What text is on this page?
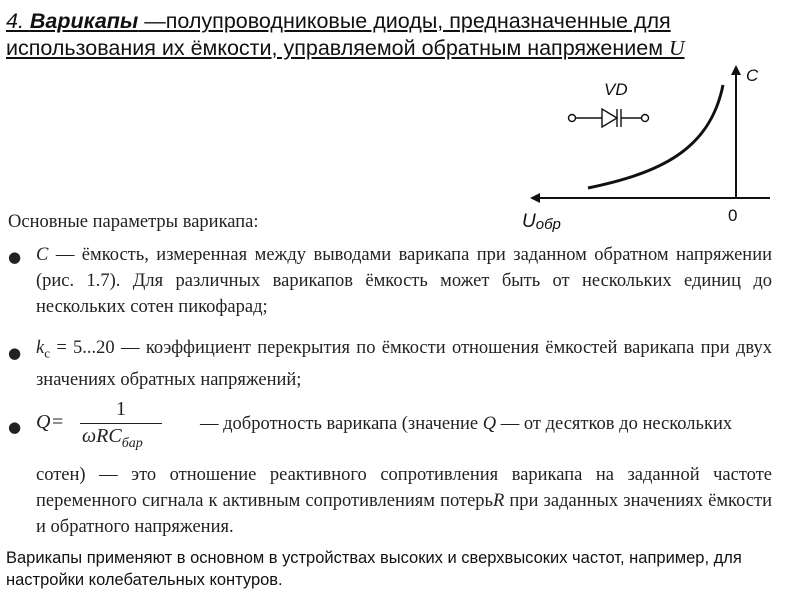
4. Варикапы —полупроводниковые диоды, предназначенные для использования их ёмкости, управляемой обратным напряжением U
VD
C
Uобр	0
Основные параметры варикапа:
● C — ёмкость, измеренная между выводами варикапа при заданном обратном напряжении (рис. 1.7). Для различных варикапов ёмкость может быть от нескольких единиц до нескольких сотен пикофарад;
● $k_c = 5...20$ — коэффициент перекрытия по ёмкости отношения ёмкостей варикапа при двух значениях обратных напряжений;
● Q =
1
ωRC$_{бар}$
— добротность варикапа (значение Q — от десятков до нескольких
сотен) — это отношение реактивного сопротивления варикапа на заданной частоте переменного сигнала к активным сопротивлениям потерьR при заданных значениях ёмкости и обратного напряжения.
Варикапы применяют в основном в устройствах высоких и сверхвысоких частот, например, для настройки колебательных контуров.
